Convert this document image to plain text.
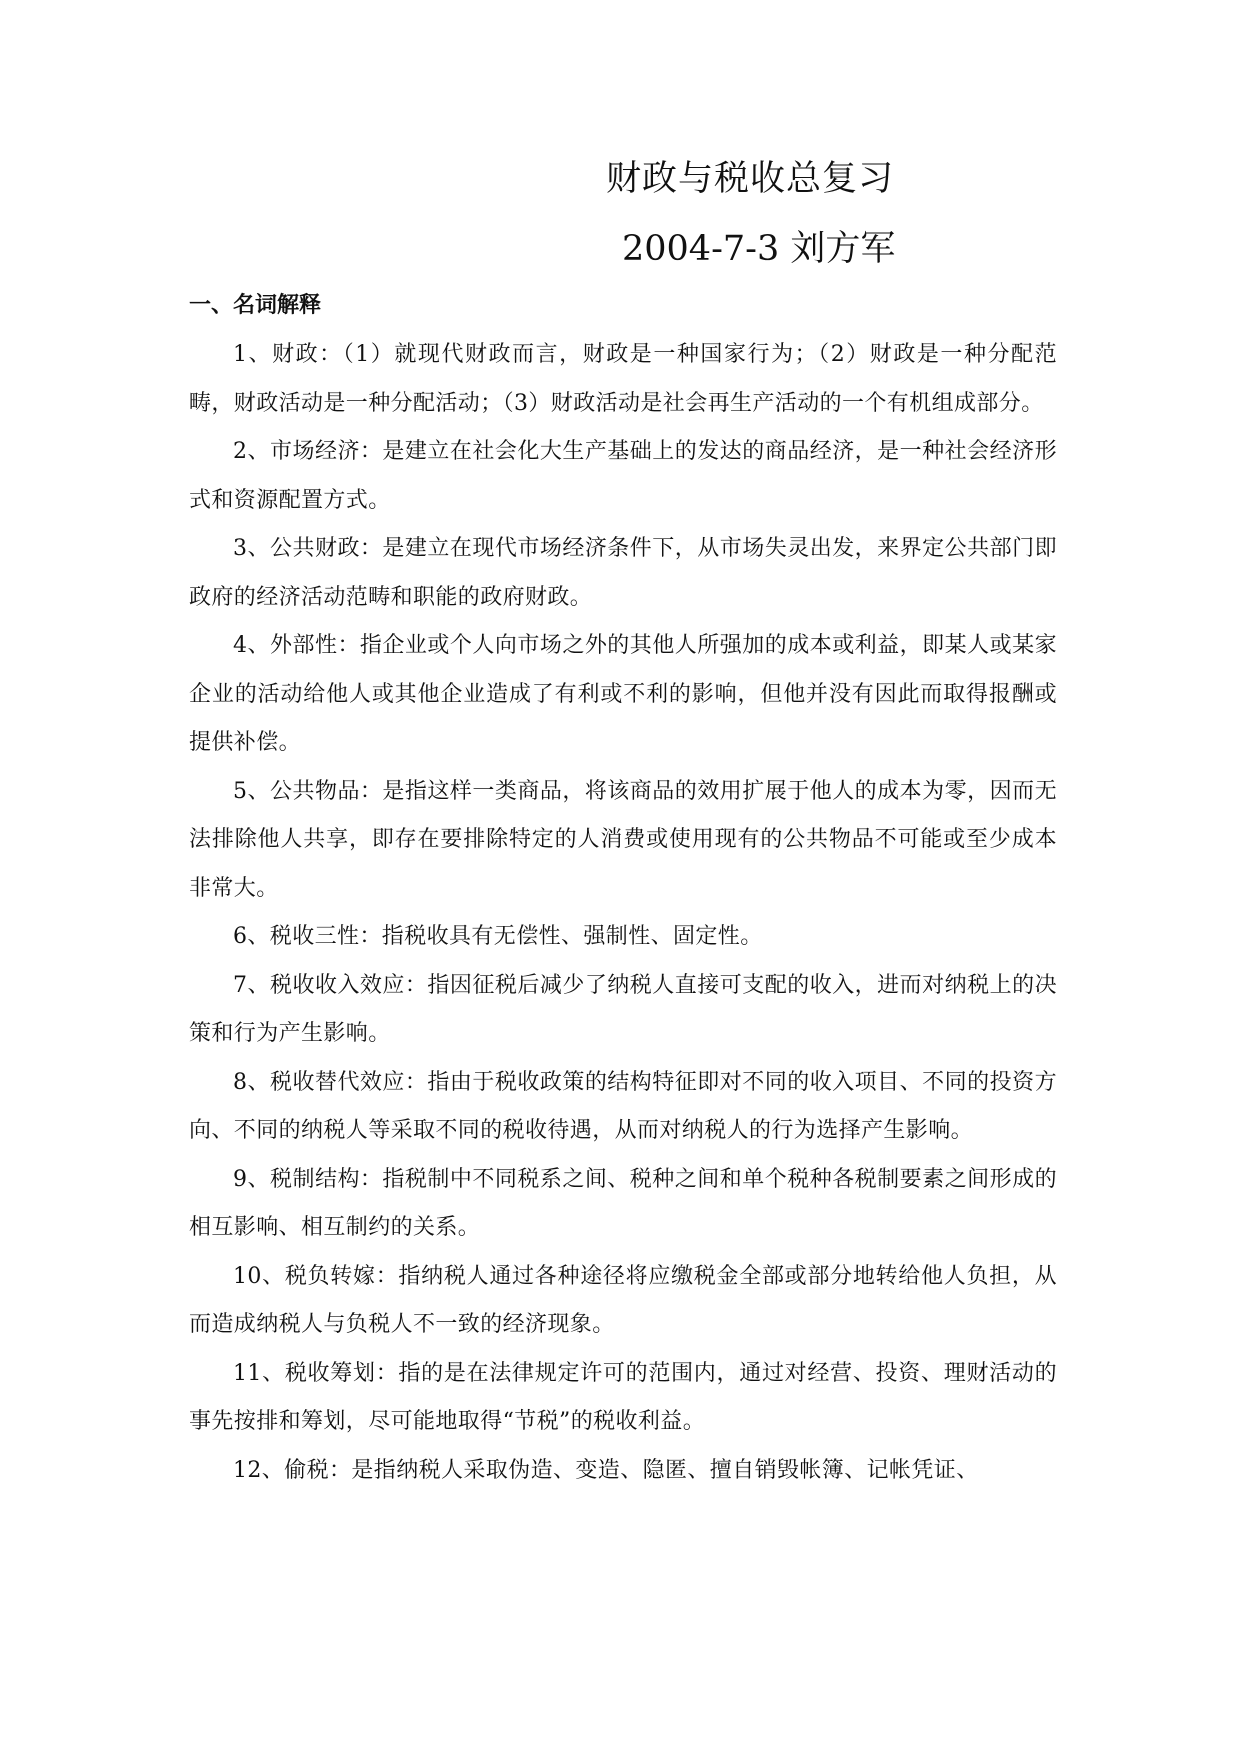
财政与税收总复习
2004-7-3 刘方军
一、名词解释

1、财政：（1）就现代财政而言，财政是一种国家行为；（2）财政是一种分配范畴，财政活动是一种分配活动；（3）财政活动是社会再生产活动的一个有机组成部分。

2、市场经济：是建立在社会化大生产基础上的发达的商品经济，是一种社会经济形式和资源配置方式。

3、公共财政：是建立在现代市场经济条件下，从市场失灵出发，来界定公共部门即政府的经济活动范畴和职能的政府财政。

4、外部性：指企业或个人向市场之外的其他人所强加的成本或利益，即某人或某家企业的活动给他人或其他企业造成了有利或不利的影响，但他并没有因此而取得报酬或提供补偿。

5、公共物品：是指这样一类商品，将该商品的效用扩展于他人的成本为零，因而无法排除他人共享，即存在要排除特定的人消费或使用现有的公共物品不可能或至少成本非常大。

6、税收三性：指税收具有无偿性、强制性、固定性。

7、税收收入效应：指因征税后减少了纳税人直接可支配的收入，进而对纳税上的决策和行为产生影响。

8、税收替代效应：指由于税收政策的结构特征即对不同的收入项目、不同的投资方向、不同的纳税人等采取不同的税收待遇，从而对纳税人的行为选择产生影响。

9、税制结构：指税制中不同税系之间、税种之间和单个税种各税制要素之间形成的相互影响、相互制约的关系。

10、税负转嫁：指纳税人通过各种途径将应缴税金全部或部分地转给他人负担，从而造成纳税人与负税人不一致的经济现象。

11、税收筹划：指的是在法律规定许可的范围内，通过对经营、投资、理财活动的事先按排和筹划，尽可能地取得“节税”的税收利益。

12、偷税：是指纳税人采取伪造、变造、隐匿、擅自销毁帐簿、记帐凭证、
